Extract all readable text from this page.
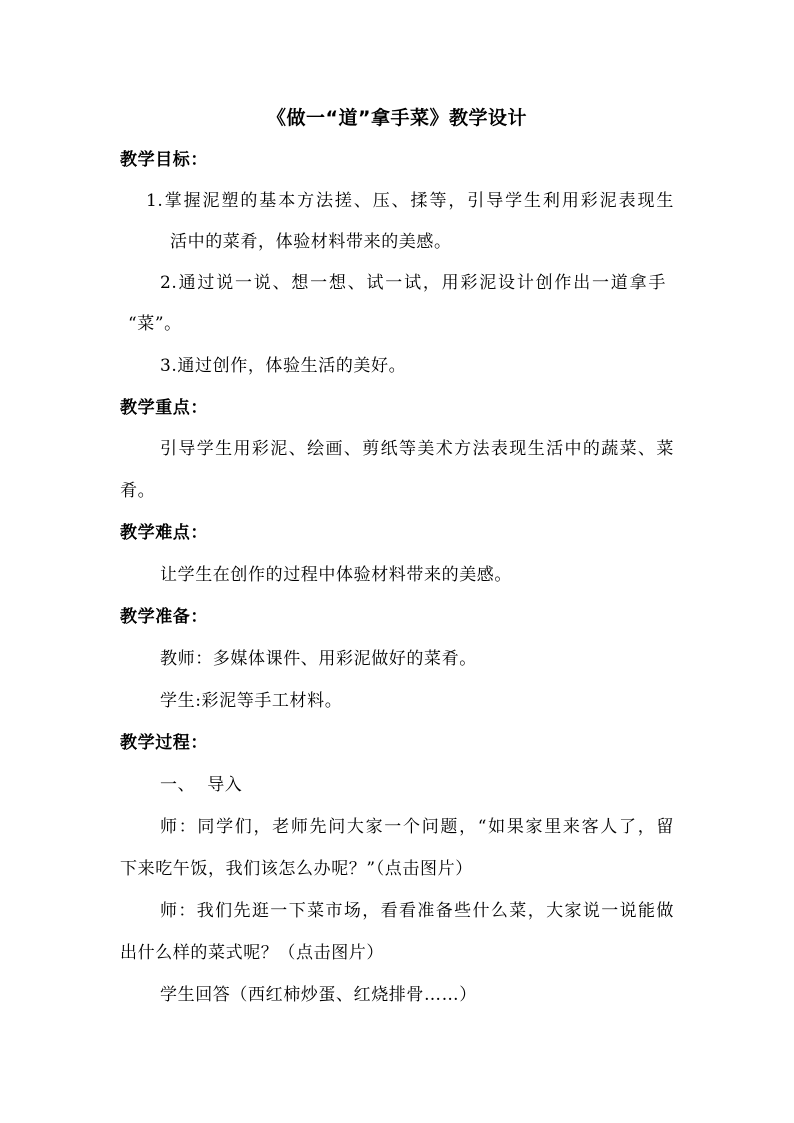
《做一“道”拿手菜》教学设计
教学目标：
1.掌握泥塑的基本方法搓、压、揉等，引导学生利用彩泥表现生
活中的菜肴，体验材料带来的美感。
2.通过说一说、想一想、试一试，用彩泥设计创作出一道拿手
“菜”。
3.通过创作，体验生活的美好。
教学重点：
引导学生用彩泥、绘画、剪纸等美术方法表现生活中的蔬菜、菜
肴。
教学难点：
让学生在创作的过程中体验材料带来的美感。
教学准备：
教师：多媒体课件、用彩泥做好的菜肴。
学生:彩泥等手工材料。
教学过程：
一、  导入
师：同学们，老师先问大家一个问题，“如果家里来客人了，留
下来吃午饭，我们该怎么办呢？”（点击图片）
师：我们先逛一下菜市场，看看准备些什么菜，大家说一说能做
出什么样的菜式呢？（点击图片）
学生回答（西红柿炒蛋、红烧排骨……）
